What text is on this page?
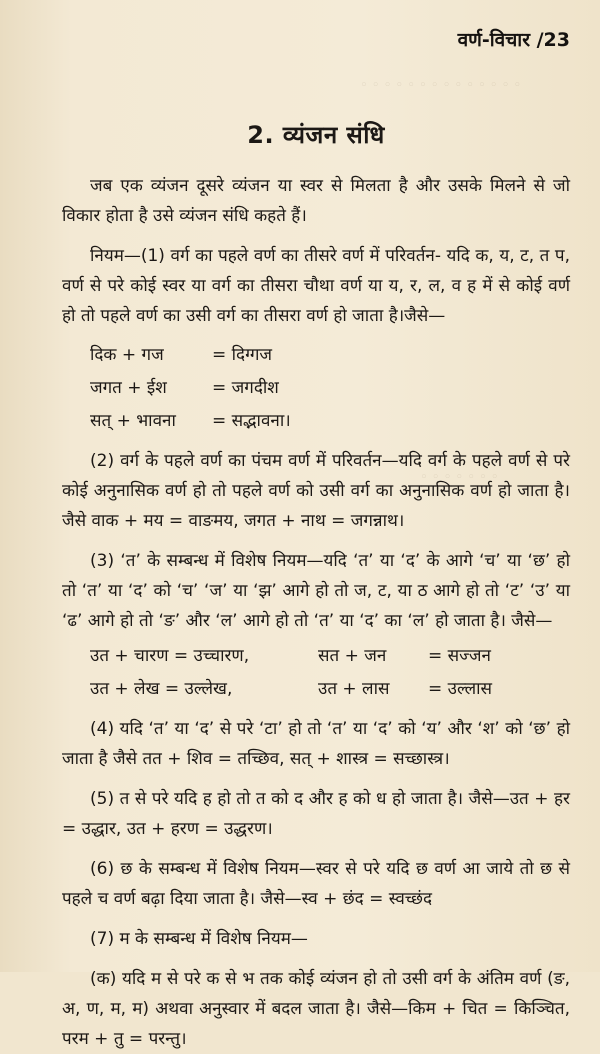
◦ ◦ ◦ ◦ ◦ ◦ ◦ ◦ ◦ ◦ ◦ ◦ ◦ ◦
◦ ◦ ◦ ◦ ◦ ◦ ◦
वर्ण-विचार /23
2. व्यंजन संधि

जब एक व्यंजन दूसरे व्यंजन या स्वर से मिलता है और उसके मिलने से जो विकार होता है उसे व्यंजन संधि कहते हैं।

नियम—(1) वर्ग का पहले वर्ण का तीसरे वर्ण में परिवर्तन- यदि क, य, ट, त प, वर्ण से परे कोई स्वर या वर्ग का तीसरा चौथा वर्ण या य, र, ल, व ह में से कोई वर्ण हो तो पहले वर्ण का उसी वर्ग का तीसरा वर्ण हो जाता है।जैसे—

दिक + गज	= दिग्गज
जगत + ईश	= जगदीश
सत् + भावना	= सद्भावना।

(2) वर्ग के पहले वर्ण का पंचम वर्ण में परिवर्तन—यदि वर्ग के पहले वर्ण से परे कोई अनुनासिक वर्ण हो तो पहले वर्ण को उसी वर्ग का अनुनासिक वर्ण हो जाता है। जैसे वाक + मय = वाङमय, जगत + नाथ = जगन्नाथ।

(3) ‘त’ के सम्बन्ध में विशेष नियम—यदि ‘त’ या ‘द’ के आगे ‘च’ या ‘छ’ हो तो ‘त’ या ‘द’ को ‘च’ ‘ज’ या ‘झ’ आगे हो तो ज, ट, या ठ आगे हो तो ‘ट’ ‘उ’ या ‘ढ’ आगे हो तो ‘ङ’ और ‘ल’ आगे हो तो ‘त’ या ‘द’ का ‘ल’ हो जाता है। जैसे—

उत + चारण = उच्चारण,	सत + जन	= सज्जन
उत + लेख = उल्लेख,	उत + लास	= उल्लास

(4) यदि ‘त’ या ‘द’ से परे ‘टा’ हो तो ‘त’ या ‘द’ को ‘य’ और ‘श’ को ‘छ’ हो जाता है जैसे तत + शिव = तच्छिव, सत् + शास्त्र = सच्छास्त्र।

(5) त से परे यदि ह हो तो त को द और ह को ध हो जाता है। जैसे—उत + हर = उद्धार, उत + हरण = उद्धरण।

(6) छ के सम्बन्ध में विशेष नियम—स्वर से परे यदि छ वर्ण आ जाये तो छ से पहले च वर्ण बढ़ा दिया जाता है। जैसे—स्व + छंद = स्वच्छंद

(7) म के सम्बन्ध में विशेष नियम—

(क) यदि म से परे क से भ तक कोई व्यंजन हो तो उसी वर्ग के अंतिम वर्ण (ङ, अ, ण, म, म) अथवा अनुस्वार में बदल जाता है। जैसे—किम + चित = किञ्चित, परम + तु = परन्तु।
